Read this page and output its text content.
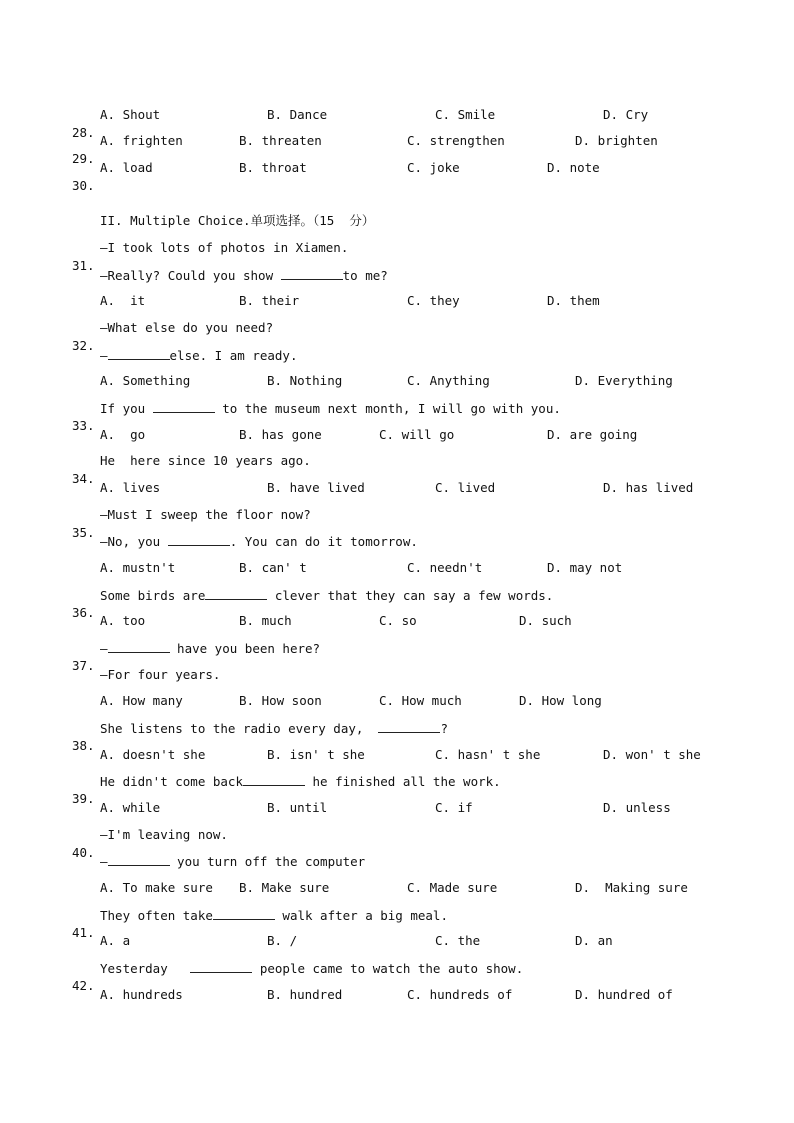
28.

A. Shout

	B. Dance

	C. Smile

	D. Cry

29.

A. frighten

	B. threaten

	C. strengthen

	D. brighten

30.

A. load

	B. throat

	C. joke

	D. note

II. Multiple Choice.单项选择。（15  分）

31.

—I took lots of photos in Xiamen.

—Really? Could you show	to me?

A.  it

	B. their

	C. they

	D. them

32.

—What else do you need?

—	else. I am ready.

A. Something

	B. Nothing

	C. Anything

	D. Everything

33.

If you	to the museum next month, I will go with you.

A.  go

	B. has gone

	C. will go

	D. are going

34.

He  here since 10 years ago.

A. lives

	B. have lived

	C. lived

	D. has lived

35.

—Must I sweep the floor now?

—No, you	. You can do it tomorrow.

A. mustn't

	B. can' t

	C. needn't

	D. may not

36.

Some birds are	clever that they can say a few words.

A. too

	B. much

	C. so

	D. such

37.

—	have you been here?

—For four years.

A. How many

	B. How soon

	C. How much

	D. How long

38.

She listens to the radio every day,	?

A. doesn't she

	B. isn' t she

	C. hasn' t she

	D. won' t she

39.

He didn't come back	he finished all the work.

A. while

	B. until

	C. if

	D. unless

40.

—I'm leaving now.

—	you turn off the computer

A. To make sure

B. Make sure

	C. Made sure

	D.  Making sure

41.

They often take	walk after a big meal.

A. a

	B. /

	C. the

	D. an

42.

Yesterday	people came to watch the auto show.

A. hundreds

	B. hundred

	C. hundreds of

	D. hundred of
